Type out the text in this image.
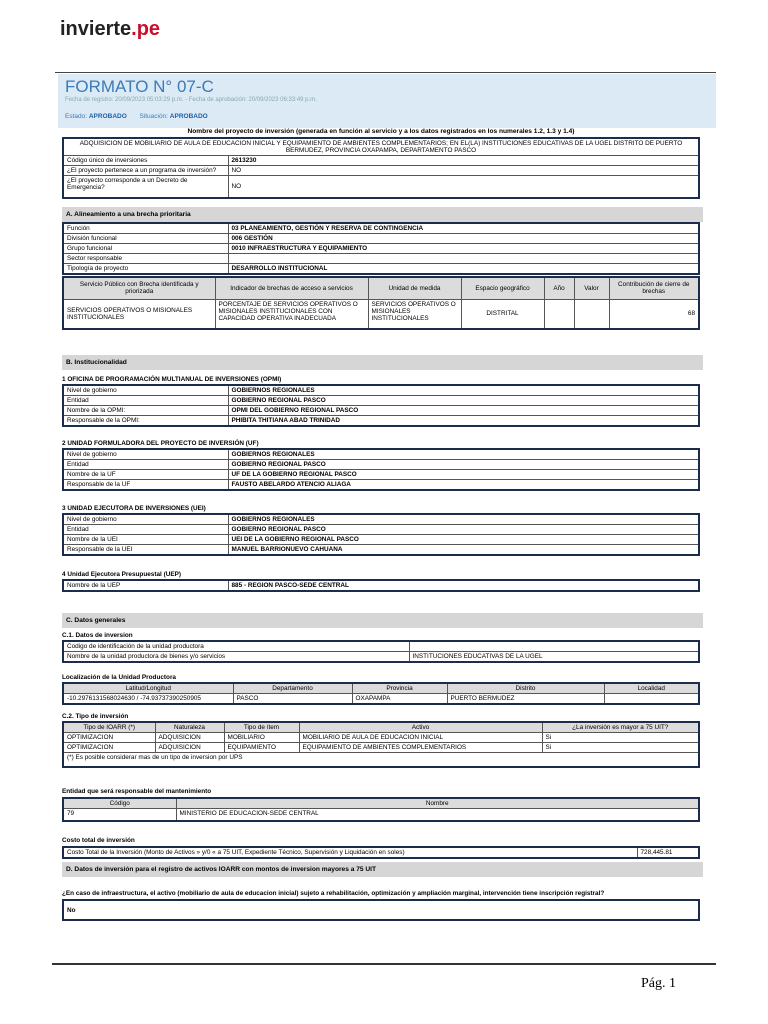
invierte.pe
FORMATO N° 07-C
Fecha de registro: 20/09/2023 05:03:29 p.m. - Fecha de aprobación: 20/09/2023 06:33:49 p.m.
Estado: APROBADO Situación: APROBADO
Nombre del proyecto de inversión (generada en función al servicio y a los datos registrados en los numerales 1.2, 1.3 y 1.4)
ADQUISICION DE MOBILIARIO DE AULA DE EDUCACION INICIAL Y EQUIPAMIENTO DE AMBIENTES COMPLEMENTARIOS; EN EL(LA) INSTITUCIONES EDUCATIVAS DE LA UGEL DISTRITO DE PUERTO BERMUDEZ, PROVINCIA OXAPAMPA, DEPARTAMENTO PASCO	
Código único de inversiones	2613230
¿El proyecto pertenece a un programa de inversión?	NO
¿El proyecto corresponde a un Decreto de Emergencia?	NO
A. Alineamiento a una brecha prioritaria
Función	03 PLANEAMIENTO, GESTIÓN Y RESERVA DE CONTINGENCIA
División funcional	006 GESTIÓN
Grupo funcional	0010 INFRAESTRUCTURA Y EQUIPAMIENTO
Sector responsable	
Tipología de proyecto	DESARROLLO INSTITUCIONAL
Servicio Público con Brecha identificada y priorizada	Indicador de brechas de acceso a servicios	Unidad de medida	Espacio geográfico	Año	Valor	Contribución de cierre de brechas
SERVICIOS OPERATIVOS O MISIONALES INSTITUCIONALES	PORCENTAJE DE SERVICIOS OPERATIVOS O MISIONALES INSTITUCIONALES CON CAPACIDAD OPERATIVA INADECUADA	SERVICIOS OPERATIVOS O MISIONALES INSTITUCIONALES	DISTRITAL			68
B. Institucionalidad
1 OFICINA DE PROGRAMACIÓN MULTIANUAL DE INVERSIONES (OPMI)
Nivel de gobierno	GOBIERNOS REGIONALES
Entidad	GOBIERNO REGIONAL PASCO
Nombre de la OPMI:	OPMI DEL GOBIERNO REGIONAL PASCO
Responsable de la OPMI:	PHIBITA THITIANA ABAD TRINIDAD
2 UNIDAD FORMULADORA DEL PROYECTO DE INVERSIÓN (UF)
Nivel de gobierno	GOBIERNOS REGIONALES
Entidad	GOBIERNO REGIONAL PASCO
Nombre de la UF	UF DE LA GOBIERNO REGIONAL PASCO
Responsable de la UF	FAUSTO ABELARDO ATENCIO ALIAGA
3 UNIDAD EJECUTORA DE INVERSIONES (UEI)
Nivel de gobierno	GOBIERNOS REGIONALES
Entidad	GOBIERNO REGIONAL PASCO
Nombre de la UEI	UEI DE LA GOBIERNO REGIONAL PASCO
Responsable de la UEI	MANUEL BARRIONUEVO CAHUANA
4 Unidad Ejecutora Presupuestal (UEP)
Nombre de la UEP	885 - REGION PASCO-SEDE CENTRAL
C. Datos generales
C.1. Datos de inversion
Codigo de identificación de la unidad productora	
Nombre de la unidad productora de bienes y/o servicios	INSTITUCIONES EDUCATIVAS DE LA UGEL
Localización de la Unidad Productora
Latitud/Longitud	Departamento	Provincia	Distrito	Localidad
-10.2976131568024630 / -74.93737390250905	PASCO	OXAPAMPA	PUERTO BERMUDEZ	
C.2. Tipo de inversión
Tipo de IOARR (*)	Naturaleza	Tipo de ítem	Activo	¿La inversión es mayor a 75 UIT?
OPTIMIZACION	ADQUISICION	MOBILIARIO	MOBILIARIO DE AULA DE EDUCACION INICIAL	Si
OPTIMIZACION	ADQUISICION	EQUIPAMIENTO	EQUIPAMIENTO DE AMBIENTES COMPLEMENTARIOS	Si
(*) Es posible considerar mas de un tipo de inversion por UPS				
Entidad que será responsable del mantenimiento
Código	Nombre
79	MINISTERIO DE EDUCACION-SEDE CENTRAL
Costo total de inversión
Costo Total de la Inversión (Monto de Activos » y/0 « a 75 UIT, Expediente Técnico, Supervisión y Liquidación en soles)	728,445.81
D. Datos de inversión para el registro de activos IOARR con montos de inversion mayores a 75 UIT
¿En caso de infraestructura, el activo (mobiliario de aula de educacion inicial) sujeto a rehabilitación, optimización y ampliación marginal, intervención tiene inscripción registral?
No
Pág. 1
